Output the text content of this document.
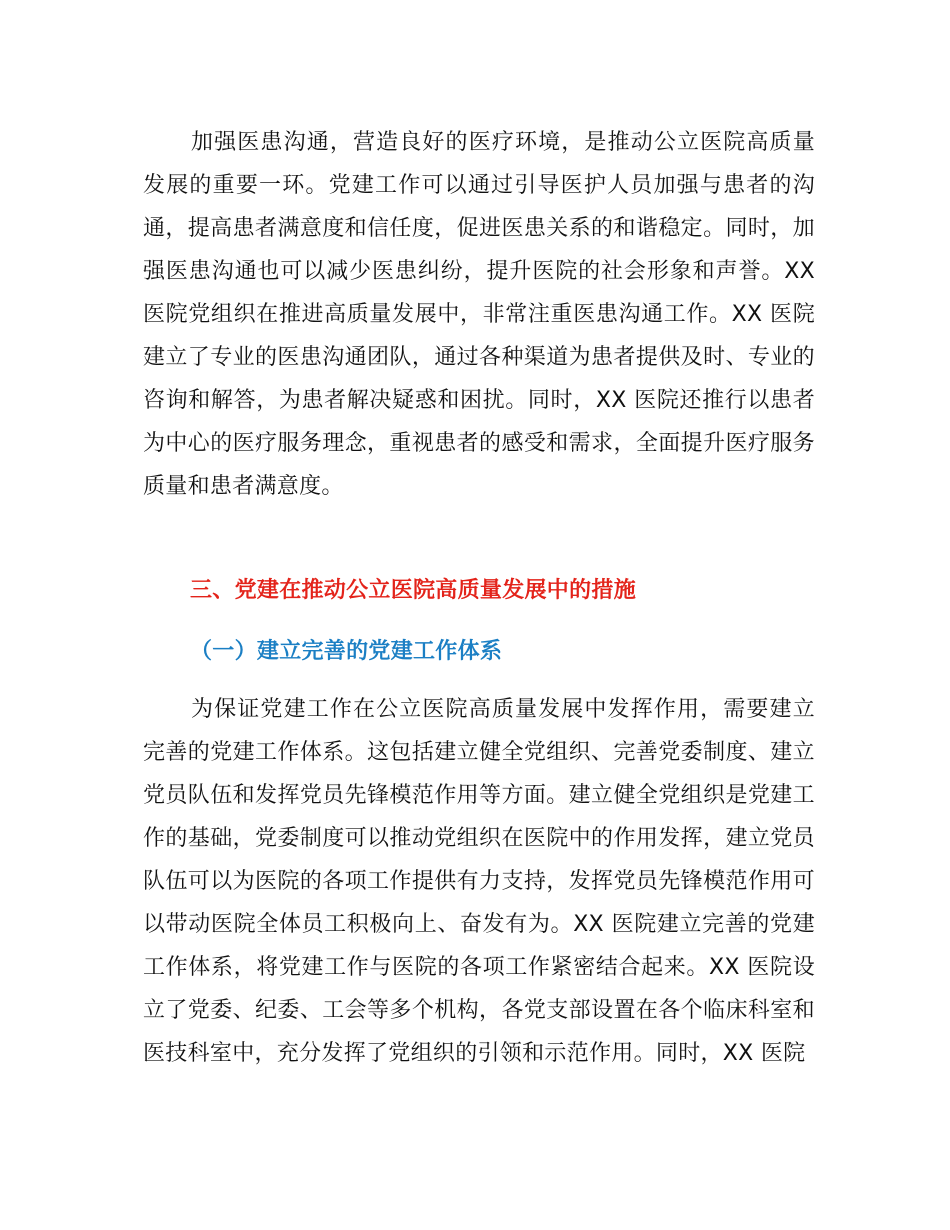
加强医患沟通，营造良好的医疗环境，是推动公立医院高质量发展的重要一环。党建工作可以通过引导医护人员加强与患者的沟通，提高患者满意度和信任度，促进医患关系的和谐稳定。同时，加强医患沟通也可以减少医患纠纷，提升医院的社会形象和声誉。XX 医院党组织在推进高质量发展中，非常注重医患沟通工作。XX 医院建立了专业的医患沟通团队，通过各种渠道为患者提供及时、专业的咨询和解答，为患者解决疑惑和困扰。同时，XX 医院还推行以患者为中心的医疗服务理念，重视患者的感受和需求，全面提升医疗服务质量和患者满意度。

三、党建在推动公立医院高质量发展中的措施
（一）建立完善的党建工作体系

为保证党建工作在公立医院高质量发展中发挥作用，需要建立完善的党建工作体系。这包括建立健全党组织、完善党委制度、建立党员队伍和发挥党员先锋模范作用等方面。建立健全党组织是党建工作的基础，党委制度可以推动党组织在医院中的作用发挥，建立党员队伍可以为医院的各项工作提供有力支持，发挥党员先锋模范作用可以带动医院全体员工积极向上、奋发有为。XX 医院建立完善的党建工作体系，将党建工作与医院的各项工作紧密结合起来。XX 医院设立了党委、纪委、工会等多个机构，各党支部设置在各个临床科室和医技科室中，充分发挥了党组织的引领和示范作用。同时，XX 医院
